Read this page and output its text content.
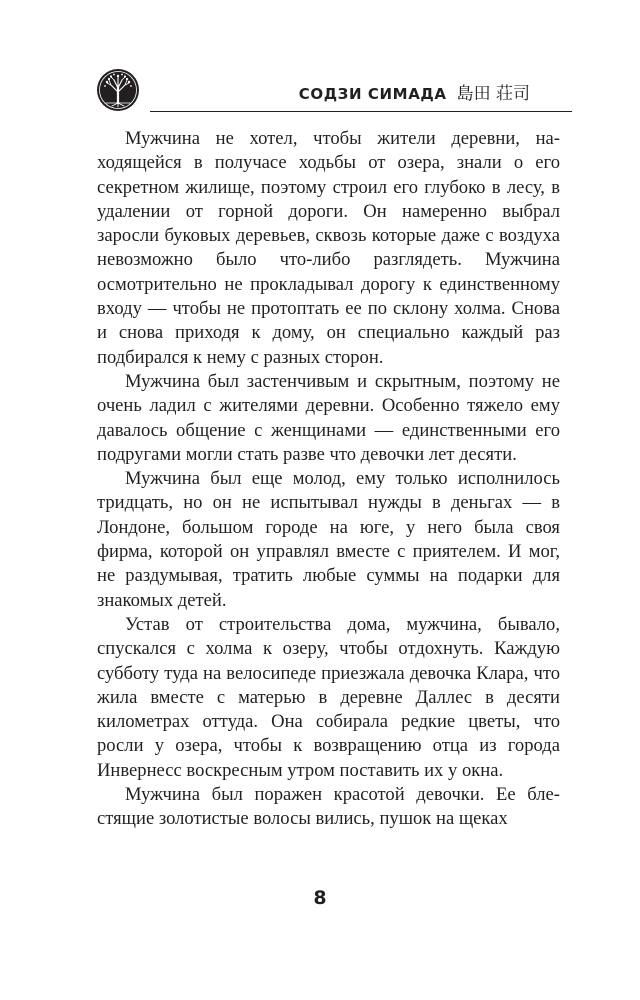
СОДЗИ СИМАДА 島田 荘司

Мужчина не хотел, чтобы жители деревни, находящейся в получасе ходьбы от озера, знали о его секретном жилище, поэтому строил его глубоко в лесу, в удалении от горной дороги. Он намеренно выбрал заросли буковых деревьев, сквозь которые даже с воздуха невозможно было что-либо разглядеть. Мужчина осмотрительно не прокладывал дорогу к единственному входу — чтобы не протоптать ее по склону холма. Снова и снова приходя к дому, он специально каждый раз подбирался к нему с разных сторон.

Мужчина был застенчивым и скрытным, поэтому не очень ладил с жителями деревни. Особенно тяжело ему давалось общение с женщинами — единственными его подругами могли стать разве что девочки лет десяти.

Мужчина был еще молод, ему только исполнилось тридцать, но он не испытывал нужды в деньгах — в Лондоне, большом городе на юге, у него была своя фирма, которой он управлял вместе с приятелем. И мог, не раздумывая, тратить любые суммы на подарки для знакомых детей.

Устав от строительства дома, мужчина, бывало, спускался с холма к озеру, чтобы отдохнуть. Каждую субботу туда на велосипеде приезжала девочка Клара, что жила вместе с матерью в деревне Даллес в десяти километрах оттуда. Она собирала редкие цветы, что росли у озера, чтобы к возвращению отца из города Инвернесс воскресным утром поставить их у окна.

Мужчина был поражен красотой девочки. Ее блестящие золотистые волосы вились, пушок на щеках

8
